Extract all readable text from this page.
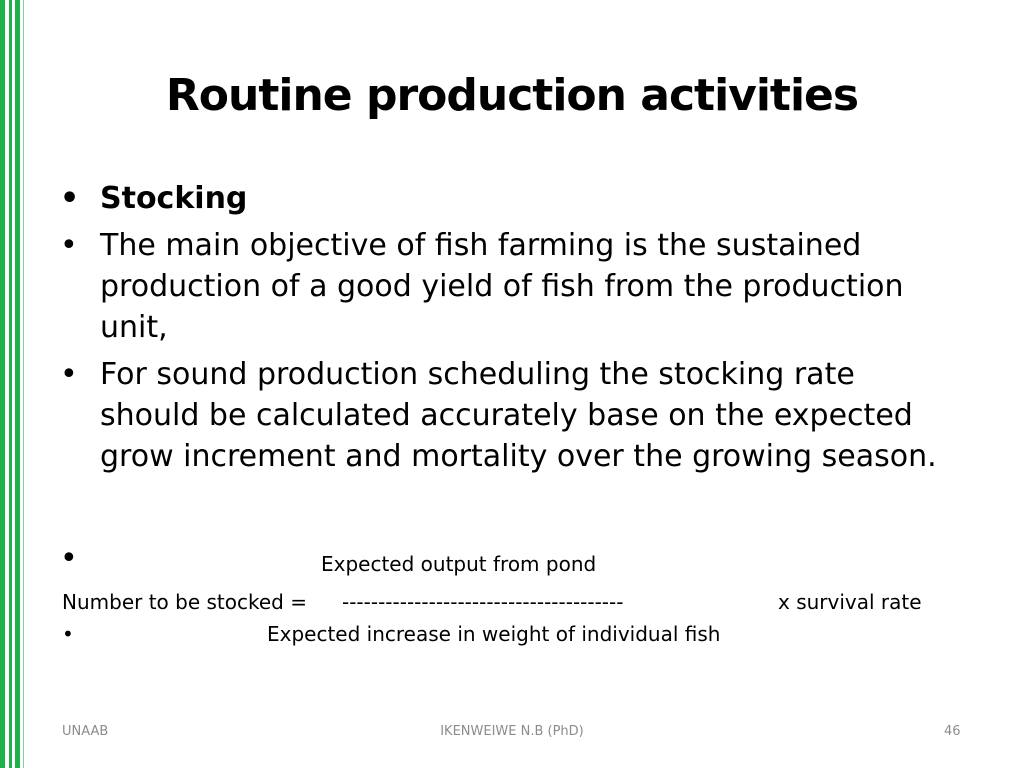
Routine production activities
• Stocking
• The main objective of fish farming is the sustained production of a good yield of fish from the production unit,
• For sound production scheduling the stocking rate should be calculated accurately base on the expected grow increment and mortality over the growing season.
•	Expected output from pond
Number to be stocked = ---------------------------------------	x survival rate
•	Expected increase in weight of individual fish
UNAAB	IKENWEIWE N.B (PhD)	46
